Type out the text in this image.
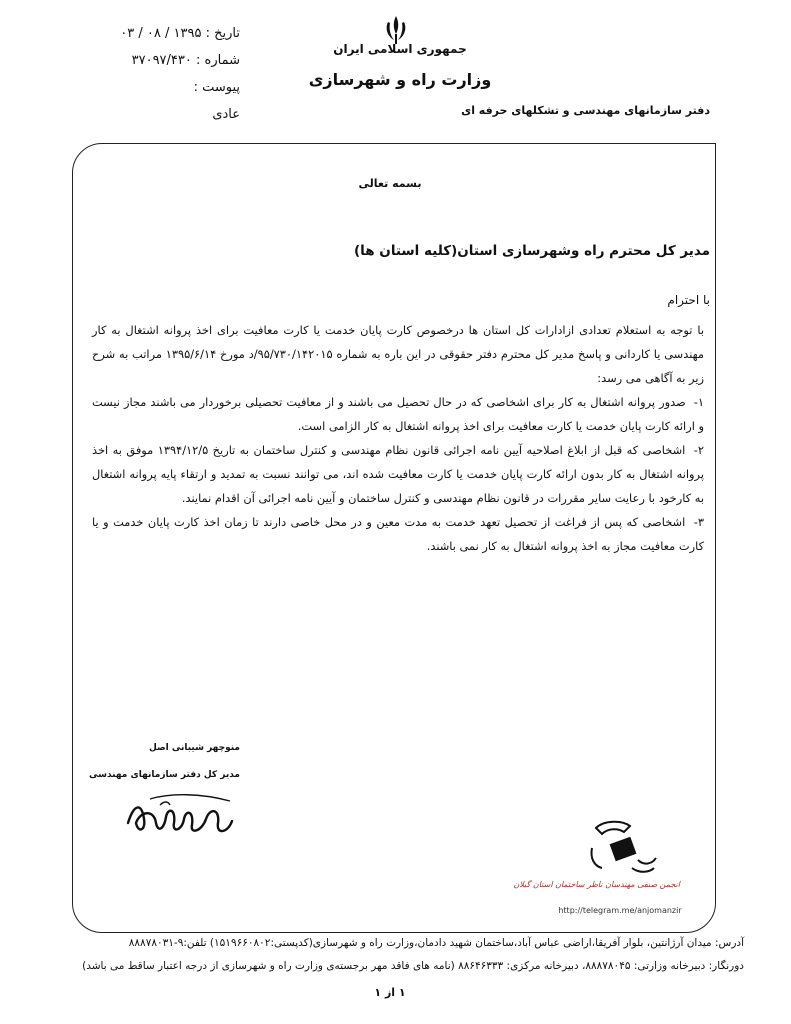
تاریخ : ۱۳۹۵ / ۰۸ / ۰۳
شماره : ۳۷۰۹۷/۴۳۰
پیوست :
عادی
جمهوری اسلامی ایران
وزارت راه و شهرسازی
دفتر سازمانهای مهندسی و تشکلهای حرفه ای
بسمه تعالی
مدیر کل محترم راه وشهرسازی استان(کلیه استان ها)
با احترام

با توجه به استعلام تعدادی ازادارات کل استان ها درخصوص کارت پایان خدمت یا کارت معافیت برای اخذ پروانه اشتغال به کار مهندسی یا کاردانی و پاسخ مدیر کل محترم دفتر حقوقی در این باره به شماره ۹۵/۷۳۰/۱۴۲۰۱۵/د مورخ ۱۳۹۵/۶/۱۴ مراتب به شرح زیر به آگاهی می رسد:

۱- صدور پروانه اشتغال به کار برای اشخاصی که در حال تحصیل می باشند و از معافیت تحصیلی برخوردار می باشند مجاز نیست و ارائه کارت پایان خدمت یا کارت معافیت برای اخذ پروانه اشتغال به کار الزامی است.

۲- اشخاصی که قبل از ابلاغ اصلاحیه آیین نامه اجرائی قانون نظام مهندسی و کنترل ساختمان به تاریخ ۱۳۹۴/۱۲/۵ موفق به اخذ پروانه اشتغال به کار بدون ارائه کارت پایان خدمت یا کارت معافیت شده اند، می توانند نسبت به تمدید و ارتقاء پایه پروانه اشتغال به کارخود با رعایت سایر مقررات در قانون نظام مهندسی و کنترل ساختمان و آیین نامه اجرائی آن اقدام نمایند.

۳- اشخاصی که پس از فراغت از تحصیل تعهد خدمت به مدت معین و در محل خاصی دارند تا زمان اخذ کارت پایان خدمت و یا کارت معافیت مجاز به اخذ پروانه اشتغال به کار نمی باشند.

منوچهر شیبانی اصل
مدیر کل دفتر سازمانهای مهندسی
انجمن صنفی مهندسان ناظر ساختمان استان گیلان
http://telegram.me/anjomanzir
آدرس: میدان آرژانتین، بلوار آفریقا،اراضی عباس آباد،ساختمان شهید دادمان،وزارت راه و شهرسازی(کدپستی:۱۵۱۹۶۶۰۸۰۲) تلفن:۹-۸۸۸۷۸۰۳۱
دورنگار: دبیرخانه وزارتی: ۸۸۸۷۸۰۴۵، دبیرخانه مرکزی: ۸۸۶۴۶۳۳۳ (نامه های فاقد مهر برجسته‌ی وزارت راه و شهرسازی از درجه اعتبار ساقط می باشد)
۱ از ۱
